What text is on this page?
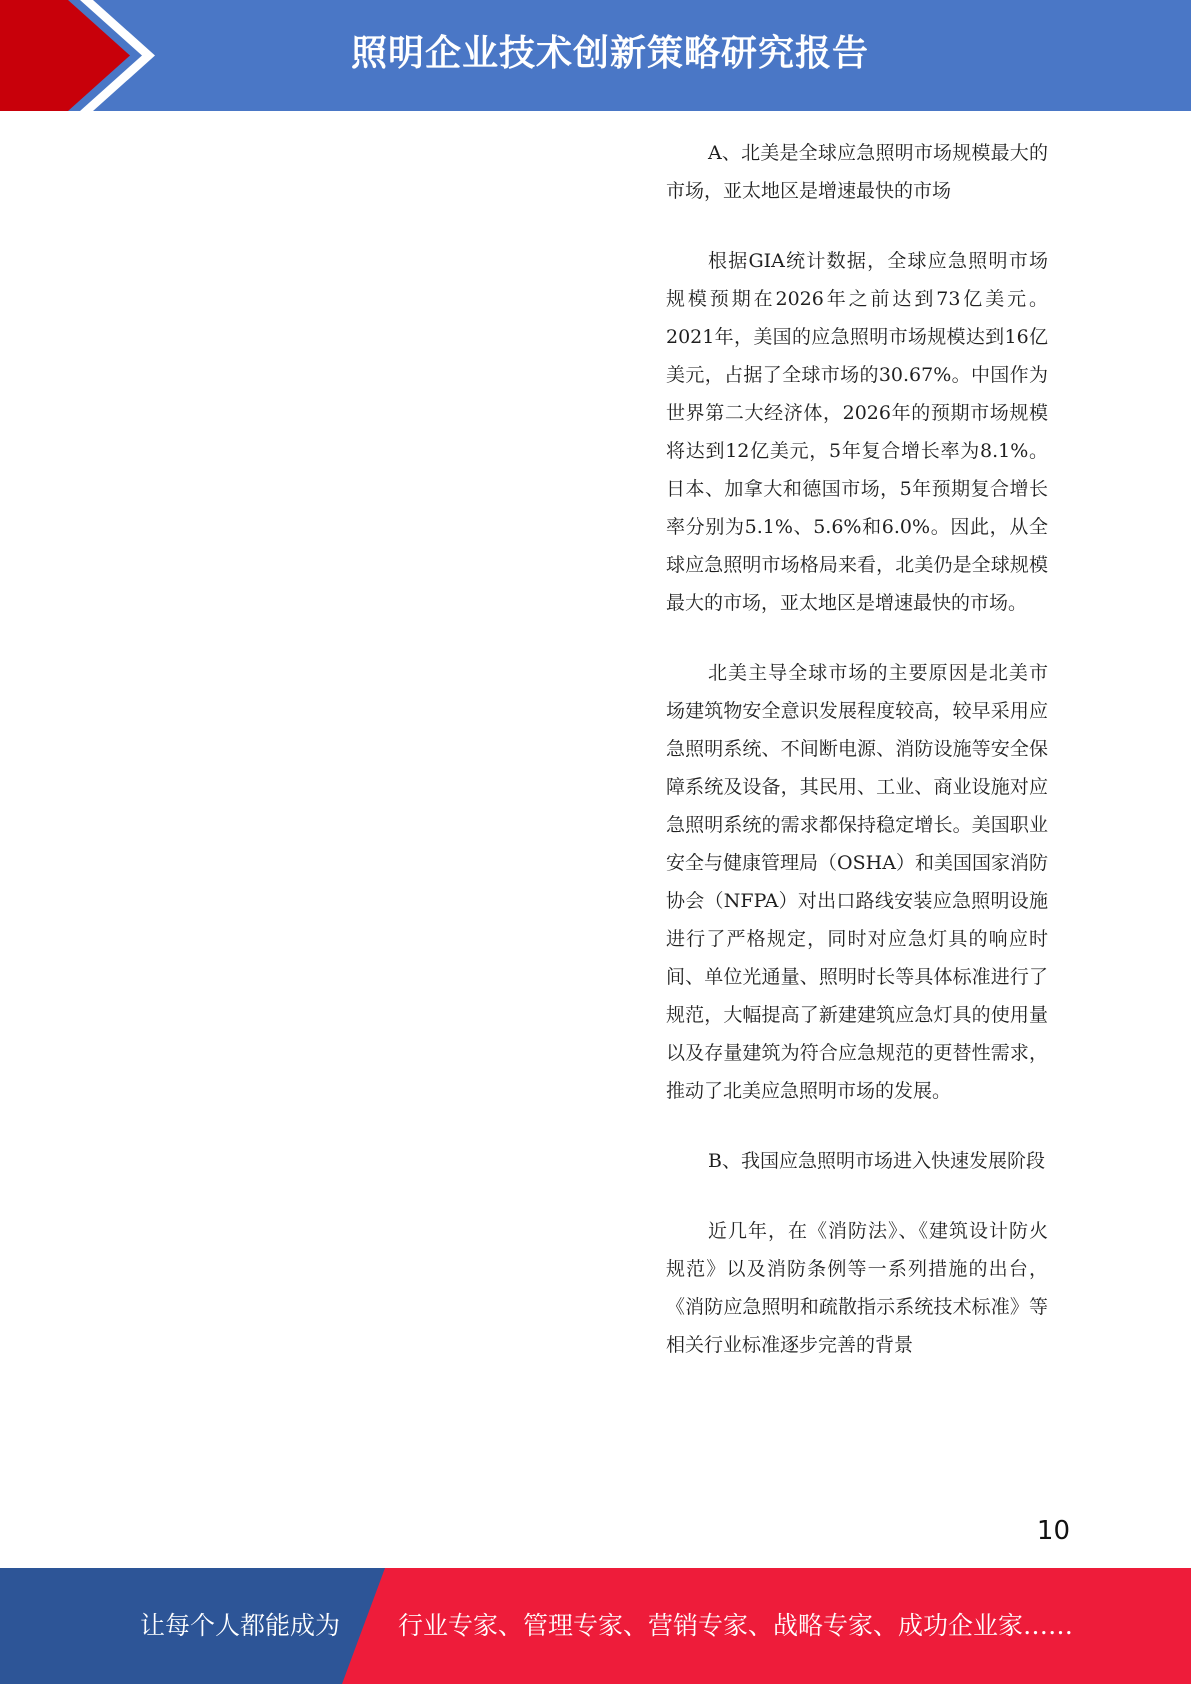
照明企业技术创新策略研究报告

A、北美是全球应急照明市场规模最大的市场，亚太地区是增速最快的市场

根据GIA统计数据，全球应急照明市场规模预期在2026年之前达到73亿美元。2021年，美国的应急照明市场规模达到16亿美元，占据了全球市场的30.67%。中国作为世界第二大经济体，2026年的预期市场规模将达到12亿美元，5年复合增长率为8.1%。日本、加拿大和德国市场，5年预期复合增长率分别为5.1%、5.6%和6.0%。因此，从全球应急照明市场格局来看，北美仍是全球规模最大的市场，亚太地区是增速最快的市场。

北美主导全球市场的主要原因是北美市场建筑物安全意识发展程度较高，较早采用应急照明系统、不间断电源、消防设施等安全保障系统及设备，其民用、工业、商业设施对应急照明系统的需求都保持稳定增长。美国职业安全与健康管理局（OSHA）和美国国家消防协会（NFPA）对出口路线安装应急照明设施进行了严格规定，同时对应急灯具的响应时间、单位光通量、照明时长等具体标准进行了规范，大幅提高了新建建筑应急灯具的使用量以及存量建筑为符合应急规范的更替性需求，推动了北美应急照明市场的发展。

B、我国应急照明市场进入快速发展阶段

近几年，在《消防法》、《建筑设计防火规范》以及消防条例等一系列措施的出台，《消防应急照明和疏散指示系统技术标准》等相关行业标准逐步完善的背景

10
让每个人都能成为	行业专家、管理专家、营销专家、战略专家、成功企业家……
